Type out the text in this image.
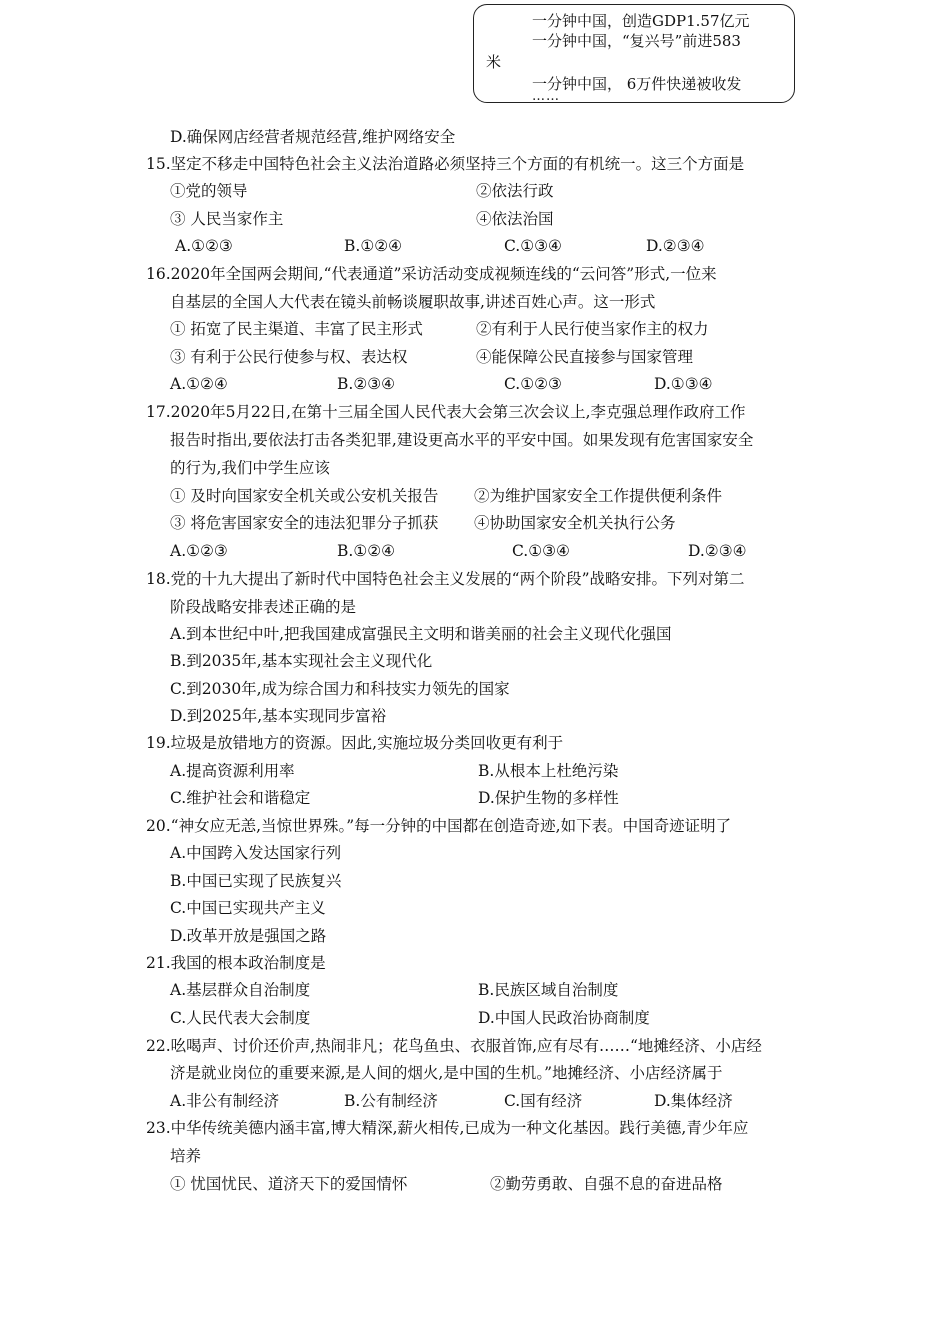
一分钟中国，创造GDP1.57亿元
一分钟中国，“复兴号”前进583
米
一分钟中国， 6万件快递被收发
……
D.确保网店经营者规范经营,维护网络安全
15.坚定不移走中国特色社会主义法治道路必须坚持三个方面的有机统一。这三个方面是
①党的领导	②依法行政
③ 人民当家作主	④依法治国
A.①②③	B.①②④	C.①③④	D.②③④
16.2020年全国两会期间,“代表通道”采访活动变成视频连线的“云问答”形式,一位来
自基层的全国人大代表在镜头前畅谈履职故事,讲述百姓心声。这一形式
① 拓宽了民主渠道、丰富了民主形式	②有利于人民行使当家作主的权力
③ 有利于公民行使参与权、表达权	④能保障公民直接参与国家管理
A.①②④	B.②③④	C.①②③	D.①③④
17.2020年5月22日,在第十三届全国人民代表大会第三次会议上,李克强总理作政府工作
报告时指出,要依法打击各类犯罪,建设更高水平的平安中国。如果发现有危害国家安全
的行为,我们中学生应该
① 及时向国家安全机关或公安机关报告 ②为维护国家安全工作提供便利条件
③ 将危害国家安全的违法犯罪分子抓获 ④协助国家安全机关执行公务
A.①②③	B.①②④	C.①③④	D.②③④
18.党的十九大提出了新时代中国特色社会主义发展的“两个阶段”战略安排。下列对第二
阶段战略安排表述正确的是
A.到本世纪中叶,把我国建成富强民主文明和谐美丽的社会主义现代化强国
B.到2035年,基本实现社会主义现代化
C.到2030年,成为综合国力和科技实力领先的国家
D.到2025年,基本实现同步富裕
19.垃圾是放错地方的资源。因此,实施垃圾分类回收更有利于
A.提高资源利用率	B.从根本上杜绝污染
C.维护社会和谐稳定	D.保护生物的多样性
20.“神女应无恙,当惊世界殊。”每一分钟的中国都在创造奇迹,如下表。中国奇迹证明了
A.中国跨入发达国家行列
B.中国已实现了民族复兴
C.中国已实现共产主义
D.改革开放是强国之路
21.我国的根本政治制度是
A.基层群众自治制度	B.民族区域自治制度
C.人民代表大会制度	D.中国人民政治协商制度
22.吆喝声、讨价还价声,热闹非凡；花鸟鱼虫、衣服首饰,应有尽有……“地摊经济、小店经
济是就业岗位的重要来源,是人间的烟火,是中国的生机。”地摊经济、小店经济属于
A.非公有制经济	B.公有制经济	C.国有经济	D.集体经济
23.中华传统美德内涵丰富,博大精深,薪火相传,已成为一种文化基因。践行美德,青少年应
培养
① 忧国忧民、道济天下的爱国情怀	②勤劳勇敢、自强不息的奋进品格
